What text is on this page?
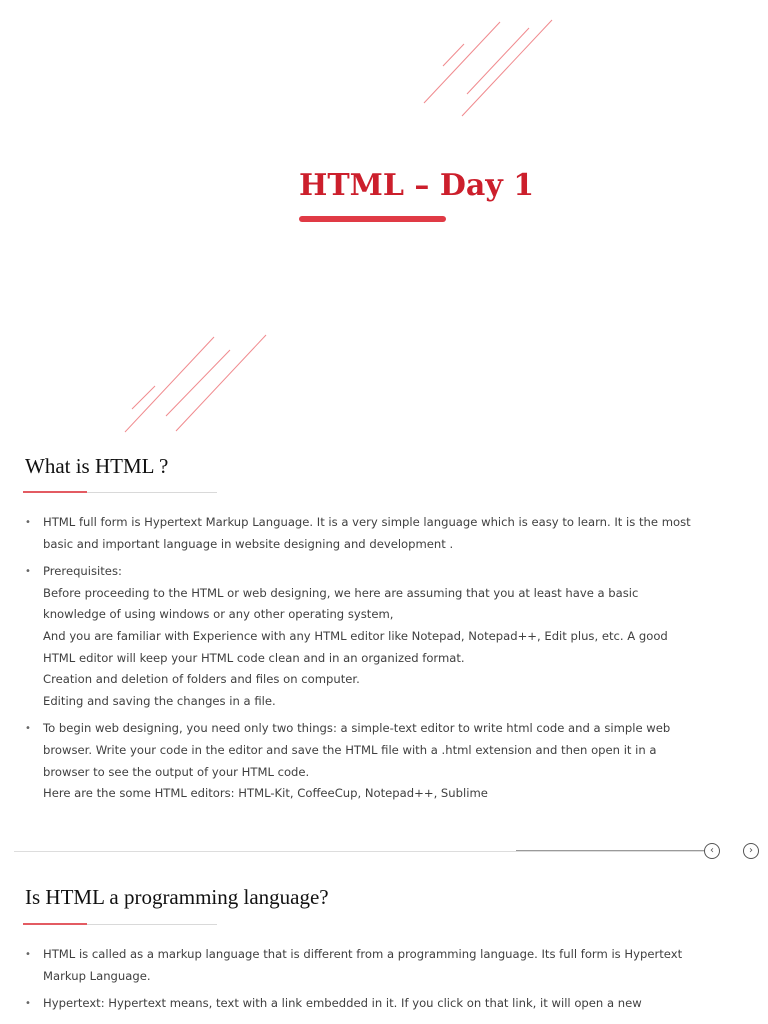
HTML – Day 1
What is HTML ?
• HTML full form is Hypertext Markup Language. It is a very simple language which is easy to learn. It is the most
basic and important language in website designing and development .
• Prerequisites:
Before proceeding to the HTML or web designing, we here are assuming that you at least have a basic
knowledge of using windows or any other operating system,
And you are familiar with Experience with any HTML editor like Notepad, Notepad++, Edit plus, etc. A good
HTML editor will keep your HTML code clean and in an organized format.
Creation and deletion of folders and files on computer.
Editing and saving the changes in a file.
• To begin web designing, you need only two things: a simple-text editor to write html code and a simple web
browser. Write your code in the editor and save the HTML file with a .html extension and then open it in a
browser to see the output of your HTML code.
Here are the some HTML editors: HTML-Kit, CoffeeCup, Notepad++, Sublime
‹	›
Is HTML a programming language?
• HTML is called as a markup language that is different from a programming language. Its full form is Hypertext
Markup Language.
• Hypertext: Hypertext means, text with a link embedded in it. If you click on that link, it will open a new
